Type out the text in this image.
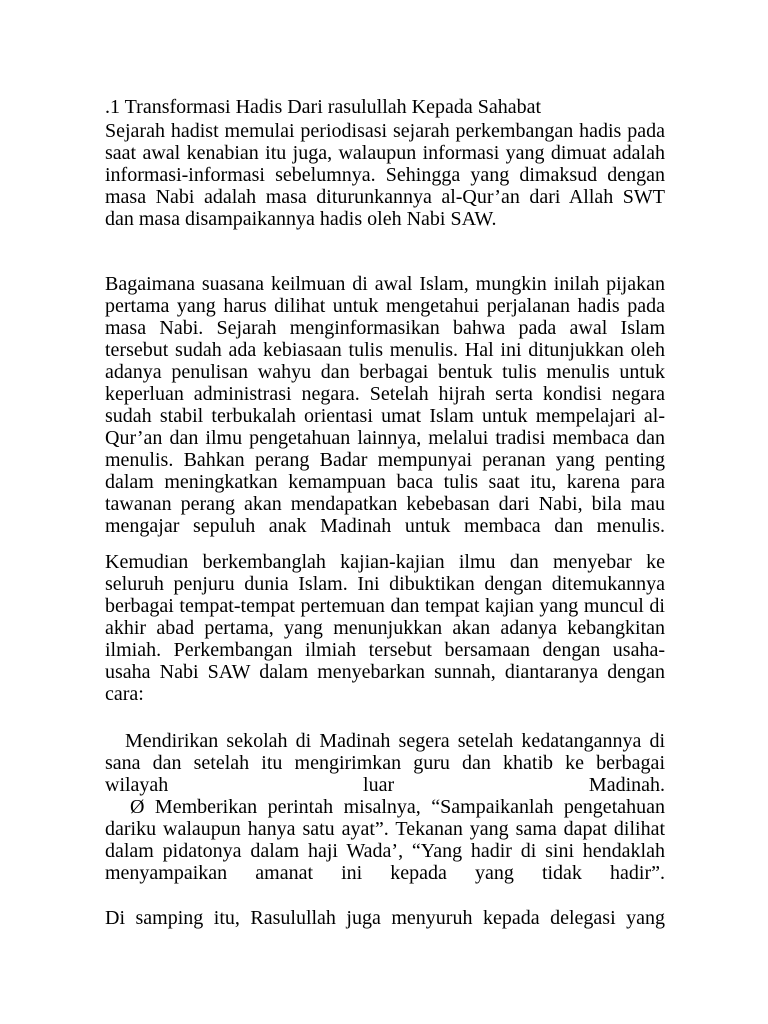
.1 Transformasi Hadis Dari rasulullah Kepada Sahabat
Sejarah hadist memulai periodisasi sejarah perkembangan hadis pada
saat awal kenabian itu juga, walaupun informasi yang dimuat adalah
informasi-informasi sebelumnya. Sehingga yang dimaksud dengan
masa Nabi adalah masa diturunkannya al-Qur’an dari Allah SWT
dan masa disampaikannya hadis oleh Nabi SAW.
Bagaimana suasana keilmuan di awal Islam, mungkin inilah pijakan
pertama yang harus dilihat untuk mengetahui perjalanan hadis pada
masa Nabi. Sejarah menginformasikan bahwa pada awal Islam
tersebut sudah ada kebiasaan tulis menulis. Hal ini ditunjukkan oleh
adanya penulisan wahyu dan berbagai bentuk tulis menulis untuk
keperluan administrasi negara. Setelah hijrah serta kondisi negara
sudah stabil terbukalah orientasi umat Islam untuk mempelajari al-
Qur’an dan ilmu pengetahuan lainnya, melalui tradisi membaca dan
menulis. Bahkan perang Badar mempunyai peranan yang penting
dalam meningkatkan kemampuan baca tulis saat itu, karena para
tawanan perang akan mendapatkan kebebasan dari Nabi, bila mau
mengajar sepuluh anak Madinah untuk membaca dan menulis.
Kemudian berkembanglah kajian-kajian ilmu dan menyebar ke
seluruh penjuru dunia Islam. Ini dibuktikan dengan ditemukannya
berbagai tempat-tempat pertemuan dan tempat kajian yang muncul di
akhir abad pertama, yang menunjukkan akan adanya kebangkitan
ilmiah. Perkembangan ilmiah tersebut bersamaan dengan usaha-
usaha Nabi SAW dalam menyebarkan sunnah, diantaranya dengan
cara:
Mendirikan sekolah di Madinah segera setelah kedatangannya di
sana dan setelah itu mengirimkan guru dan khatib ke berbagai
wilayah luar Madinah.
Ø Memberikan perintah misalnya, “Sampaikanlah pengetahuan
dariku walaupun hanya satu ayat”. Tekanan yang sama dapat dilihat
dalam pidatonya dalam haji Wada’, “Yang hadir di sini hendaklah
menyampaikan amanat ini kepada yang tidak hadir”.
Di samping itu, Rasulullah juga menyuruh kepada delegasi yang
